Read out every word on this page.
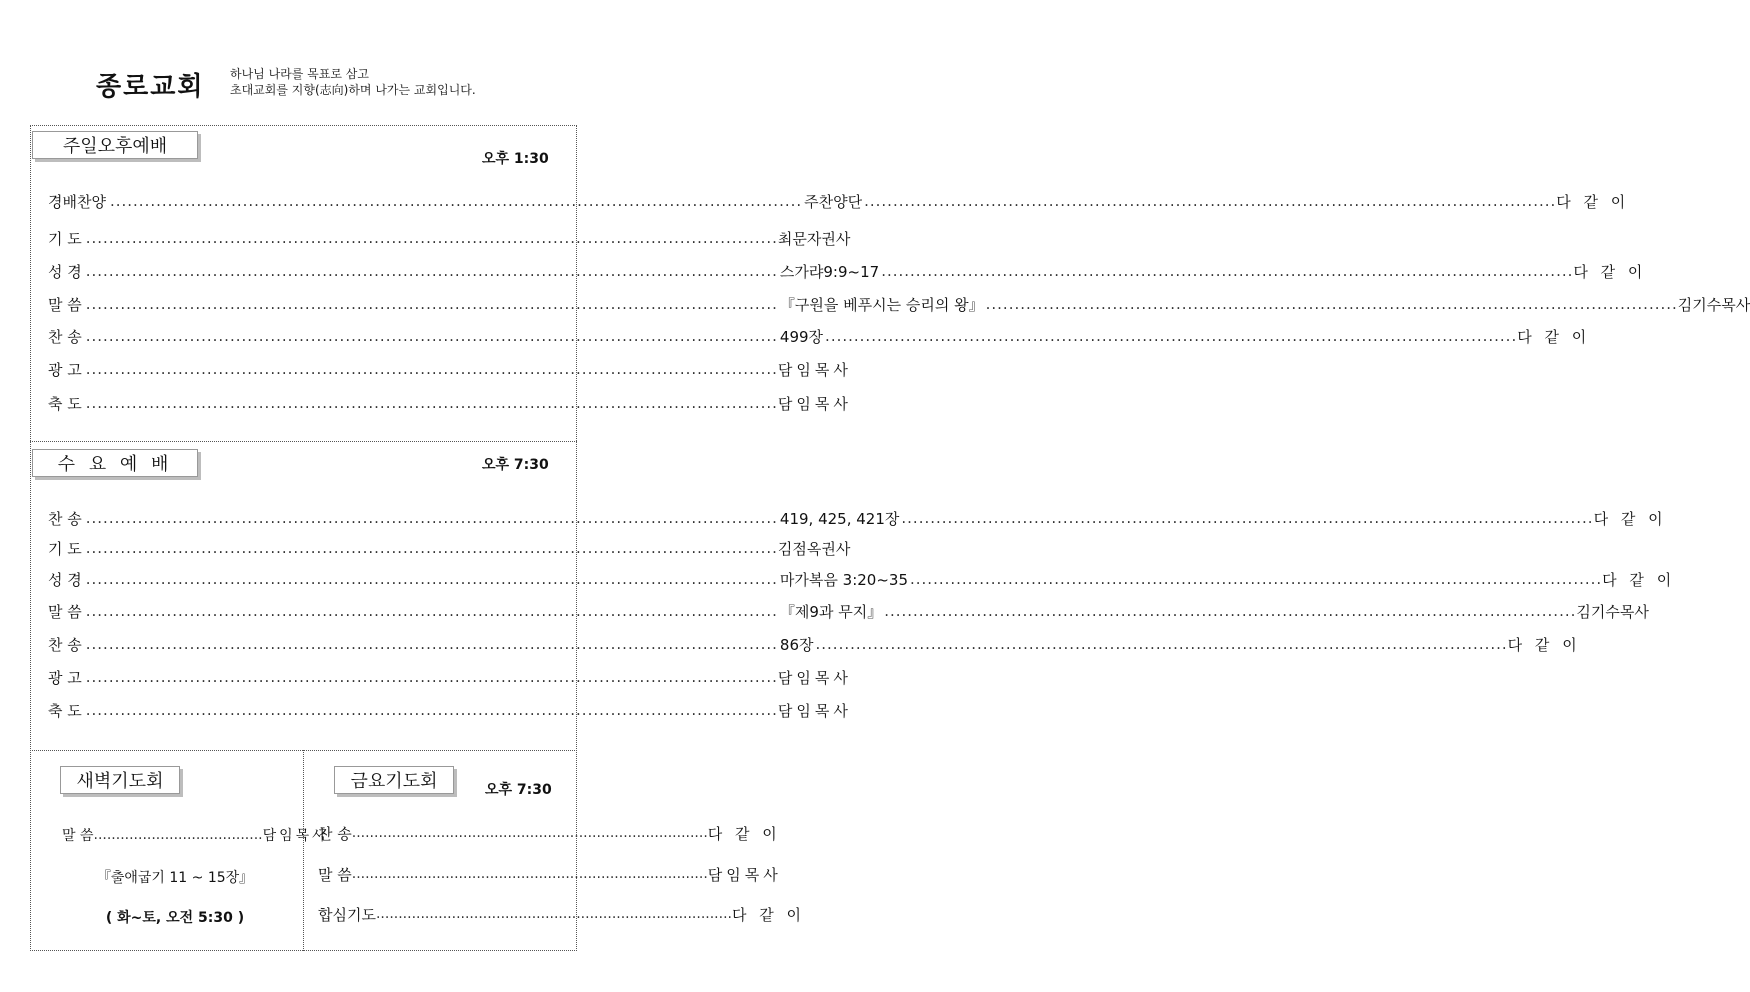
종로교회 하나님 나라를 목표로 삼고
초대교회를 지향(志向)하며 나가는 교회입니다.
주일오후예배
오후 1:30
경배찬양 ........................................................................................................................ 주찬양단 ........................................................................................................................ 다 같 이
기 도 ........................................................................................................................ 최문자권사
성 경 ........................................................................................................................ 스가랴9:9~17 ........................................................................................................................ 다 같 이
말 씀 ........................................................................................................................ 『구원을 베푸시는 승리의 왕』 ........................................................................................................................ 김기수목사
찬 송 ........................................................................................................................ 499장 ........................................................................................................................ 다 같 이
광 고 ........................................................................................................................ 담임목사
축 도 ........................................................................................................................ 담임목사
수 요 예 배	오후 7:30
찬 송 ........................................................................................................................ 419, 425, 421장 ........................................................................................................................ 다 같 이
기 도 ........................................................................................................................ 김점옥권사
성 경 ........................................................................................................................ 마가복음 3:20~35 ........................................................................................................................ 다 같 이
말 씀 ........................................................................................................................ 『제9과 무지』 ........................................................................................................................ 김기수목사
찬 송 ........................................................................................................................ 86장 ........................................................................................................................ 다 같 이
광 고 ........................................................................................................................ 담임목사
축 도 ........................................................................................................................ 담임목사
새벽기도회
말 씀 ...................................... 담임목사
『출애굽기 11 ~ 15장』
( 화~토, 오전 5:30 )
금요기도회	오후 7:30
찬 송 ................................................................................ 다 같 이
말 씀 ................................................................................ 담임목사
합심기도 ................................................................................ 다 같 이
